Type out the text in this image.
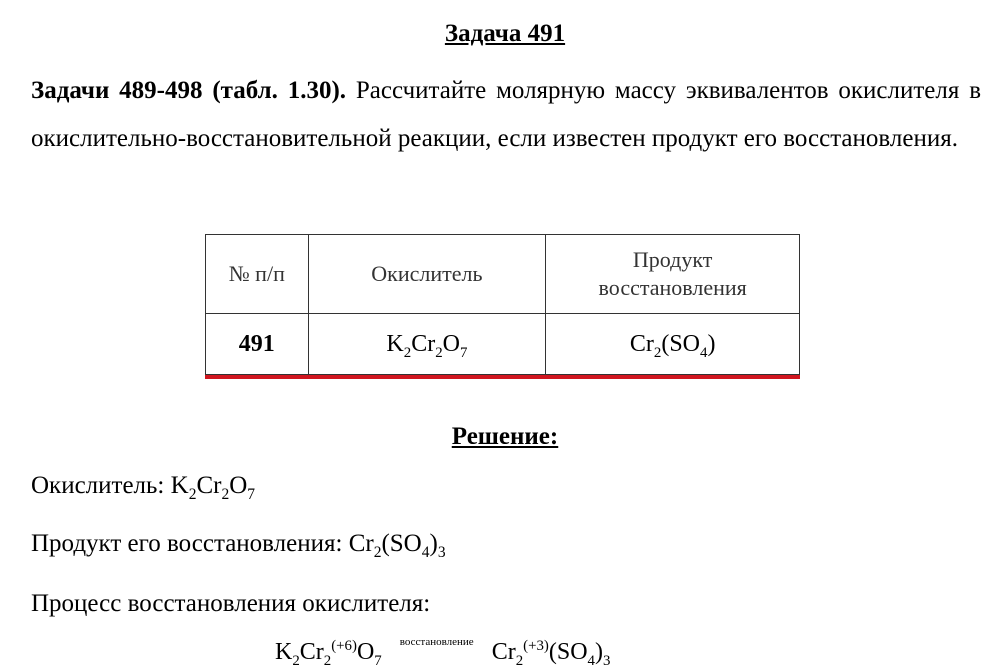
Задача 491
Задачи 489-498 (табл. 1.30). Рассчитайте молярную массу эквивалентов окислителя в окислительно-восстановительной реакции, если известен продукт его восстановления.
№ п/п	Окислитель	Продукт восстановления
491	$K_2Cr_2O_7$	$Cr_2(SO_4)$
Решение:
Окислитель: $K_2Cr_2O_7$
Продукт его восстановления: $Cr_2(SO_4)_3$
Процесс восстановления окислителя:
$K_2Cr_2^{(+6)}O_7$ восстановление $Cr_2^{(+3)}(SO_4)_3$
